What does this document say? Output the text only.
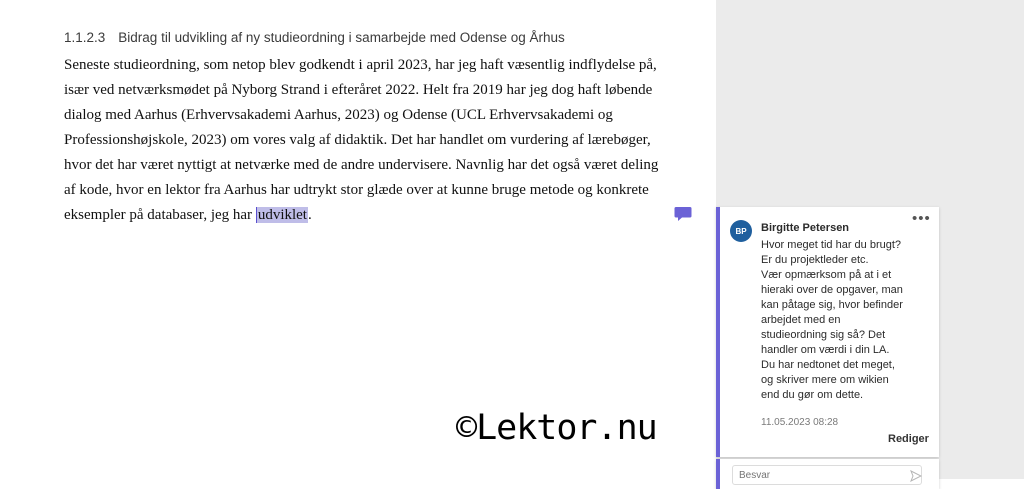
1.1.2.3 Bidrag til udvikling af ny studieordning i samarbejde med Odense og Århus
Seneste studieordning, som netop blev godkendt i april 2023, har jeg haft væsentlig indflydelse på,
især ved netværksmødet på Nyborg Strand i efteråret 2022. Helt fra 2019 har jeg dog haft løbende
dialog med Aarhus (Erhvervsakademi Aarhus, 2023) og Odense (UCL Erhvervsakademi og
Professionshøjskole, 2023) om vores valg af didaktik. Det har handlet om vurdering af lærebøger,
hvor det har været nyttigt at netværke med de andre undervisere. Navnlig har det også været deling
af kode, hvor en lektor fra Aarhus har udtrykt stor glæde over at kunne bruge metode og konkrete
eksempler på databaser, jeg har udviklet.
©Lektor.nu
BP	Birgitte Petersen
•••
Hvor meget tid har du brugt?
Er du projektleder etc.
Vær opmærksom på at i et
hieraki over de opgaver, man
kan påtage sig, hvor befinder
arbejdet med en
studieordning sig så? Det
handler om værdi i din LA.
Du har nedtonet det meget,
og skriver mere om wikien
end du gør om dette.
11.05.2023 08:28
Rediger
Besvar
